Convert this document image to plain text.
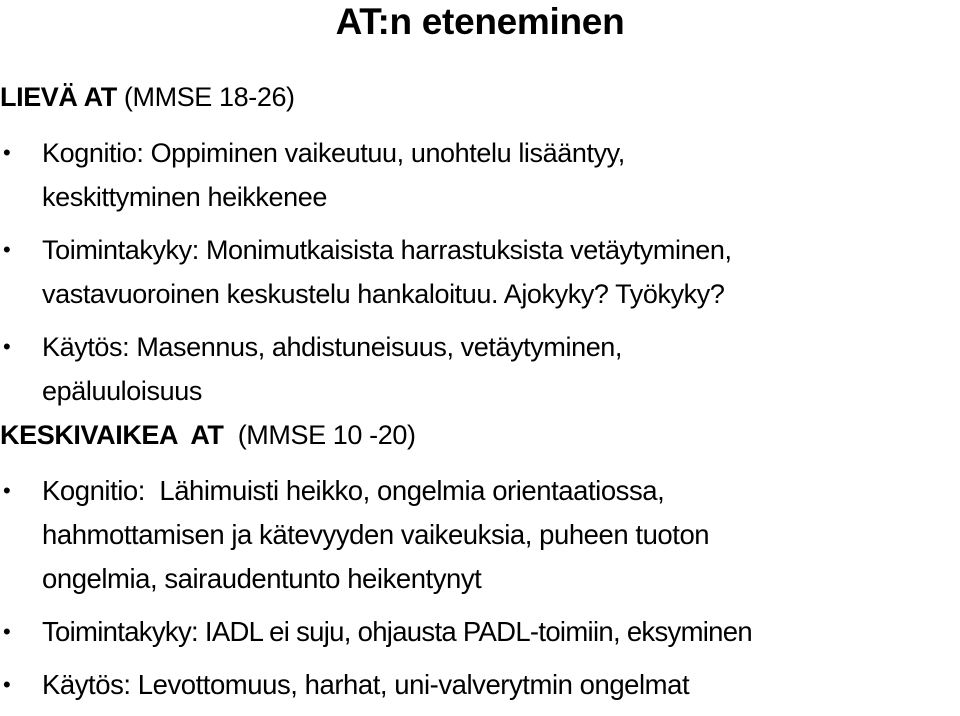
AT:n eteneminen
LIEVÄ AT (MMSE 18-26)
• Kognitio: Oppiminen vaikeutuu, unohtelu lisääntyy,
keskittyminen heikkenee
• Toimintakyky: Monimutkaisista harrastuksista vetäytyminen,
vastavuoroinen keskustelu hankaloituu. Ajokyky? Työkyky?
• Käytös: Masennus, ahdistuneisuus, vetäytyminen,
epäluuloisuus
KESKIVAIKEA  AT  (MMSE 10 -20)
• Kognitio:  Lähimuisti heikko, ongelmia orientaatiossa,
hahmottamisen ja kätevyyden vaikeuksia, puheen tuoton
ongelmia, sairaudentunto heikentynyt
• Toimintakyky: IADL ei suju, ohjausta PADL-toimiin, eksyminen
• Käytös: Levottomuus, harhat, uni-valverytmin ongelmat
